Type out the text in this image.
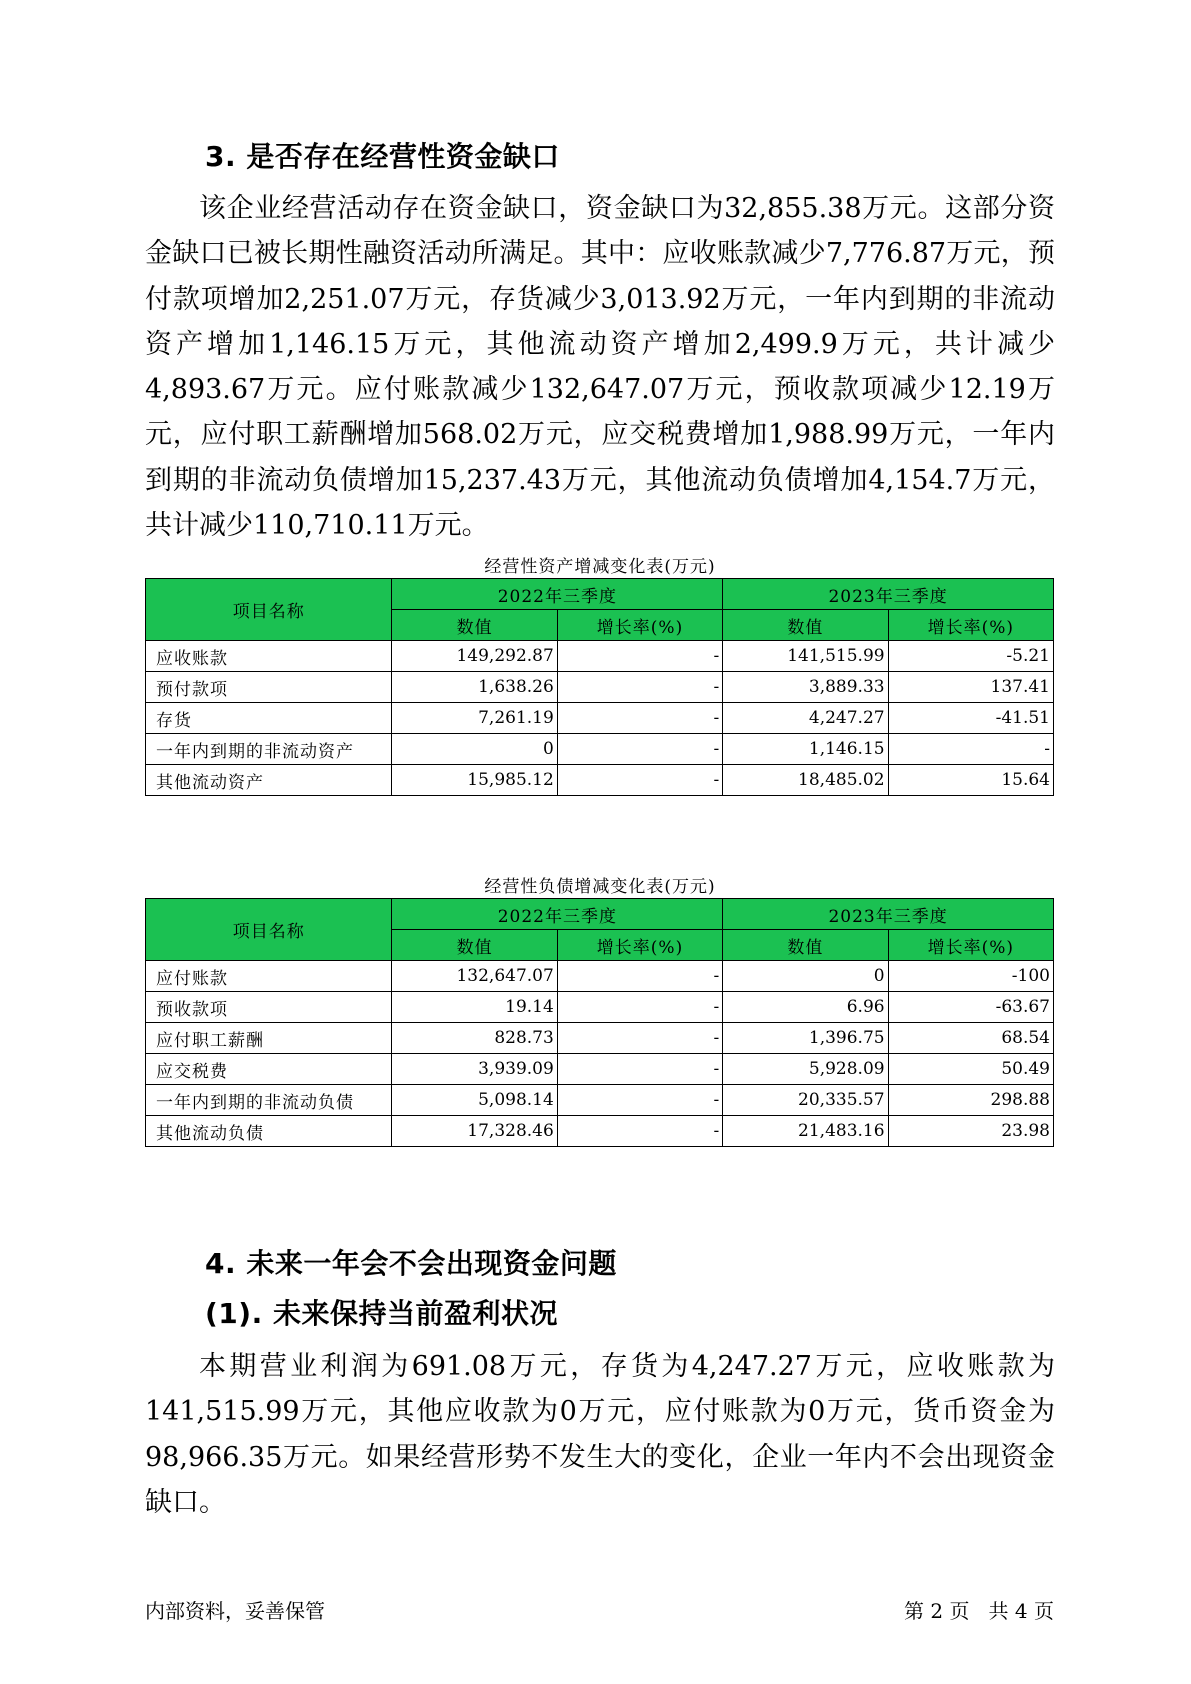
3. 是否存在经营性资金缺口

该企业经营活动存在资金缺口，资金缺口为32,855.38万元。这部分资金缺口已被长期性融资活动所满足。其中：应收账款减少7,776.87万元，预付款项增加2,251.07万元，存货减少3,013.92万元，一年内到期的非流动资产增加1,146.15万元，其他流动资产增加2,499.9万元，共计减少4,893.67万元。应付账款减少132,647.07万元，预收款项减少12.19万元，应付职工薪酬增加568.02万元，应交税费增加1,988.99万元，一年内到期的非流动负债增加15,237.43万元，其他流动负债增加4,154.7万元，共计减少110,710.11万元。

经营性资产增减变化表(万元)
项目名称	2022年三季度		2023年三季度	
	数值	增长率(%)	数值	增长率(%)
应收账款	149,292.87	-	141,515.99	-5.21
预付款项	1,638.26	-	3,889.33	137.41
存货	7,261.19	-	4,247.27	-41.51
一年内到期的非流动资产	0	-	1,146.15	-
其他流动资产	15,985.12	-	18,485.02	15.64
经营性负债增减变化表(万元)
项目名称	2022年三季度		2023年三季度	
	数值	增长率(%)	数值	增长率(%)
应付账款	132,647.07	-	0	-100
预收款项	19.14	-	6.96	-63.67
应付职工薪酬	828.73	-	1,396.75	68.54
应交税费	3,939.09	-	5,928.09	50.49
一年内到期的非流动负债	5,098.14	-	20,335.57	298.88
其他流动负债	17,328.46	-	21,483.16	23.98
4. 未来一年会不会出现资金问题
(1). 未来保持当前盈利状况

本期营业利润为691.08万元，存货为4,247.27万元，应收账款为141,515.99万元，其他应收款为0万元，应付账款为0万元，货币资金为98,966.35万元。如果经营形势不发生大的变化，企业一年内不会出现资金缺口。

内部资料，妥善保管	第 2 页   共 4 页
